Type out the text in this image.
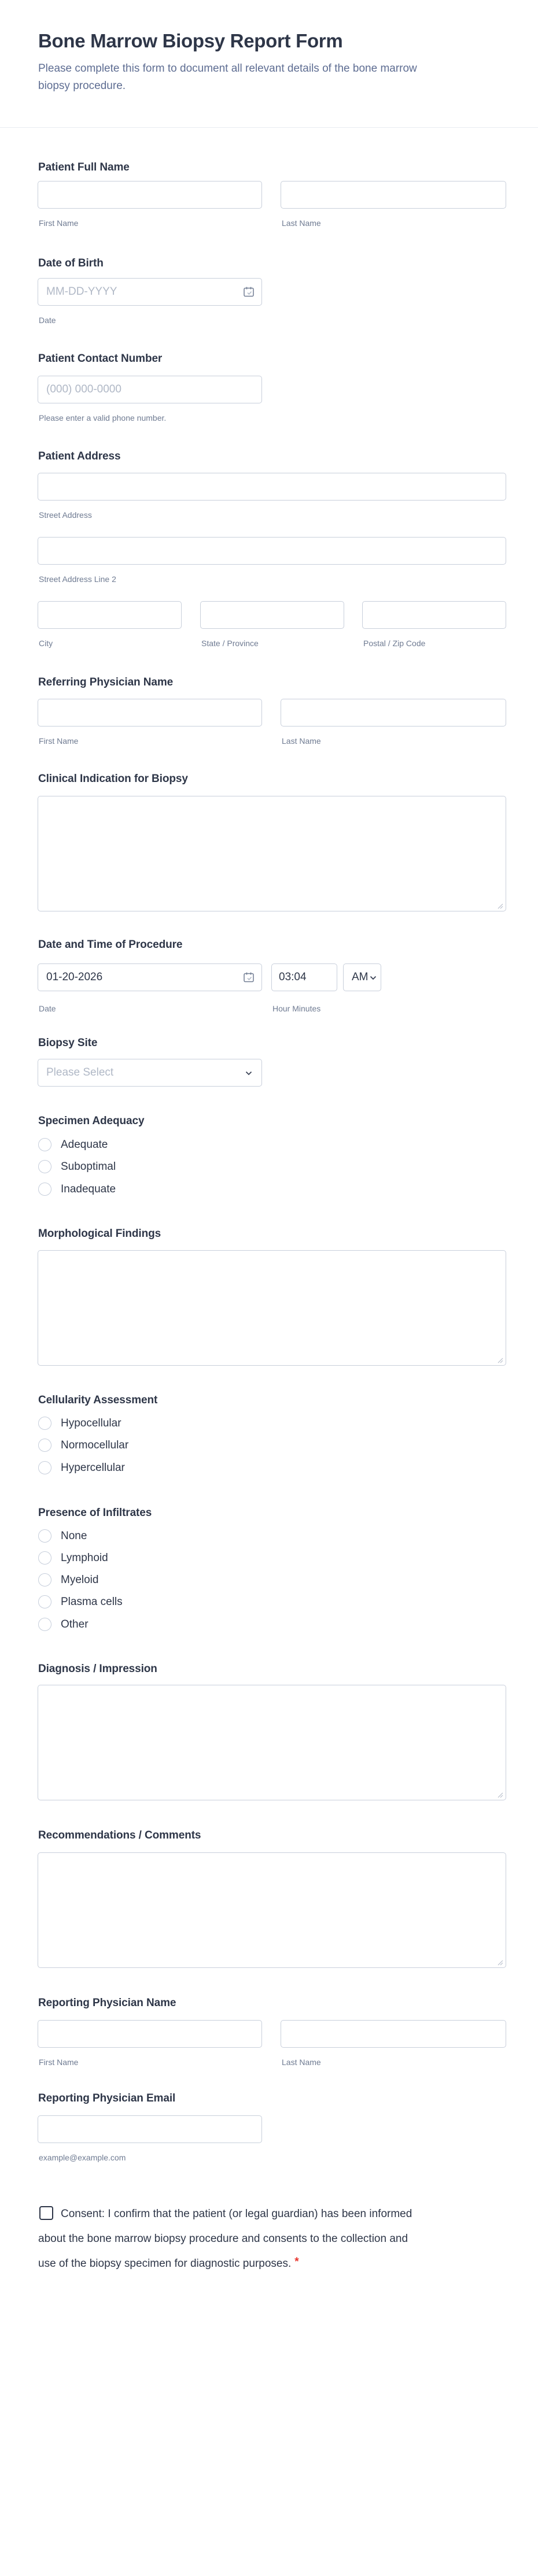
Bone Marrow Biopsy Report Form
Please complete this form to document all relevant details of the bone marrow
biopsy procedure.
Patient Full Name
First Name	Last Name
Date of Birth
MM-DD-YYYY
Date
Patient Contact Number
(000) 000-0000
Please enter a valid phone number.
Patient Address
Street Address
Street Address Line 2
City	State / Province	Postal / Zip Code
Referring Physician Name
First Name	Last Name
Clinical Indication for Biopsy
Date and Time of Procedure
01-20-2026
03:04
AM
Date	Hour Minutes
Biopsy Site
Please Select
Specimen Adequacy
Adequate
Suboptimal
Inadequate
Morphological Findings
Cellularity Assessment
Hypocellular
Normocellular
Hypercellular
Presence of Infiltrates
None
Lymphoid
Myeloid
Plasma cells
Other
Diagnosis / Impression
Recommendations / Comments
Reporting Physician Name
First Name	Last Name
Reporting Physician Email
example@example.com
Consent: I confirm that the patient (or legal guardian) has been informed
about the bone marrow biopsy procedure and consents to the collection and
use of the biopsy specimen for diagnostic purposes. *
